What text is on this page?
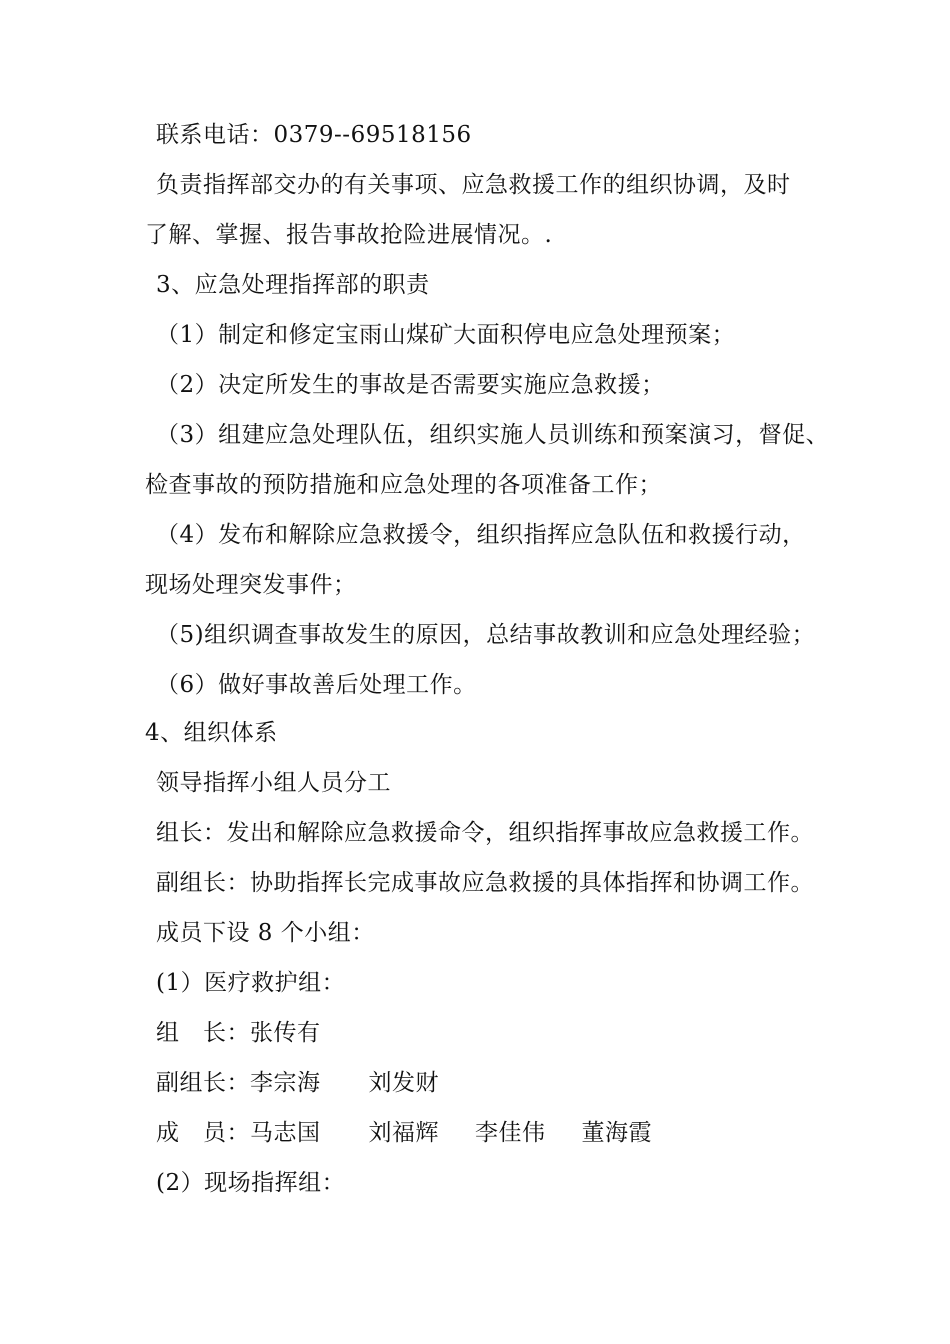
联系电话：0379--69518156
负责指挥部交办的有关事项、应急救援工作的组织协调，及时
了解、掌握、报告事故抢险进展情况。.
3、应急处理指挥部的职责
（1）制定和修定宝雨山煤矿大面积停电应急处理预案；
（2）决定所发生的事故是否需要实施应急救援；
（3）组建应急处理队伍，组织实施人员训练和预案演习，督促、
检查事故的预防措施和应急处理的各项准备工作；
（4）发布和解除应急救援令，组织指挥应急队伍和救援行动，
现场处理突发事件；
（5)组织调查事故发生的原因，总结事故教训和应急处理经验；
（6）做好事故善后处理工作。
4、组织体系
领导指挥小组人员分工
组长：发出和解除应急救援命令，组织指挥事故应急救援工作。
副组长：协助指挥长完成事故应急救援的具体指挥和协调工作。
成员下设 8 个小组：
(1）医疗救护组：
组　长：张传有
副组长：李宗海 刘发财
成　员：马志国 刘福辉 李佳伟 董海霞
(2）现场指挥组：
